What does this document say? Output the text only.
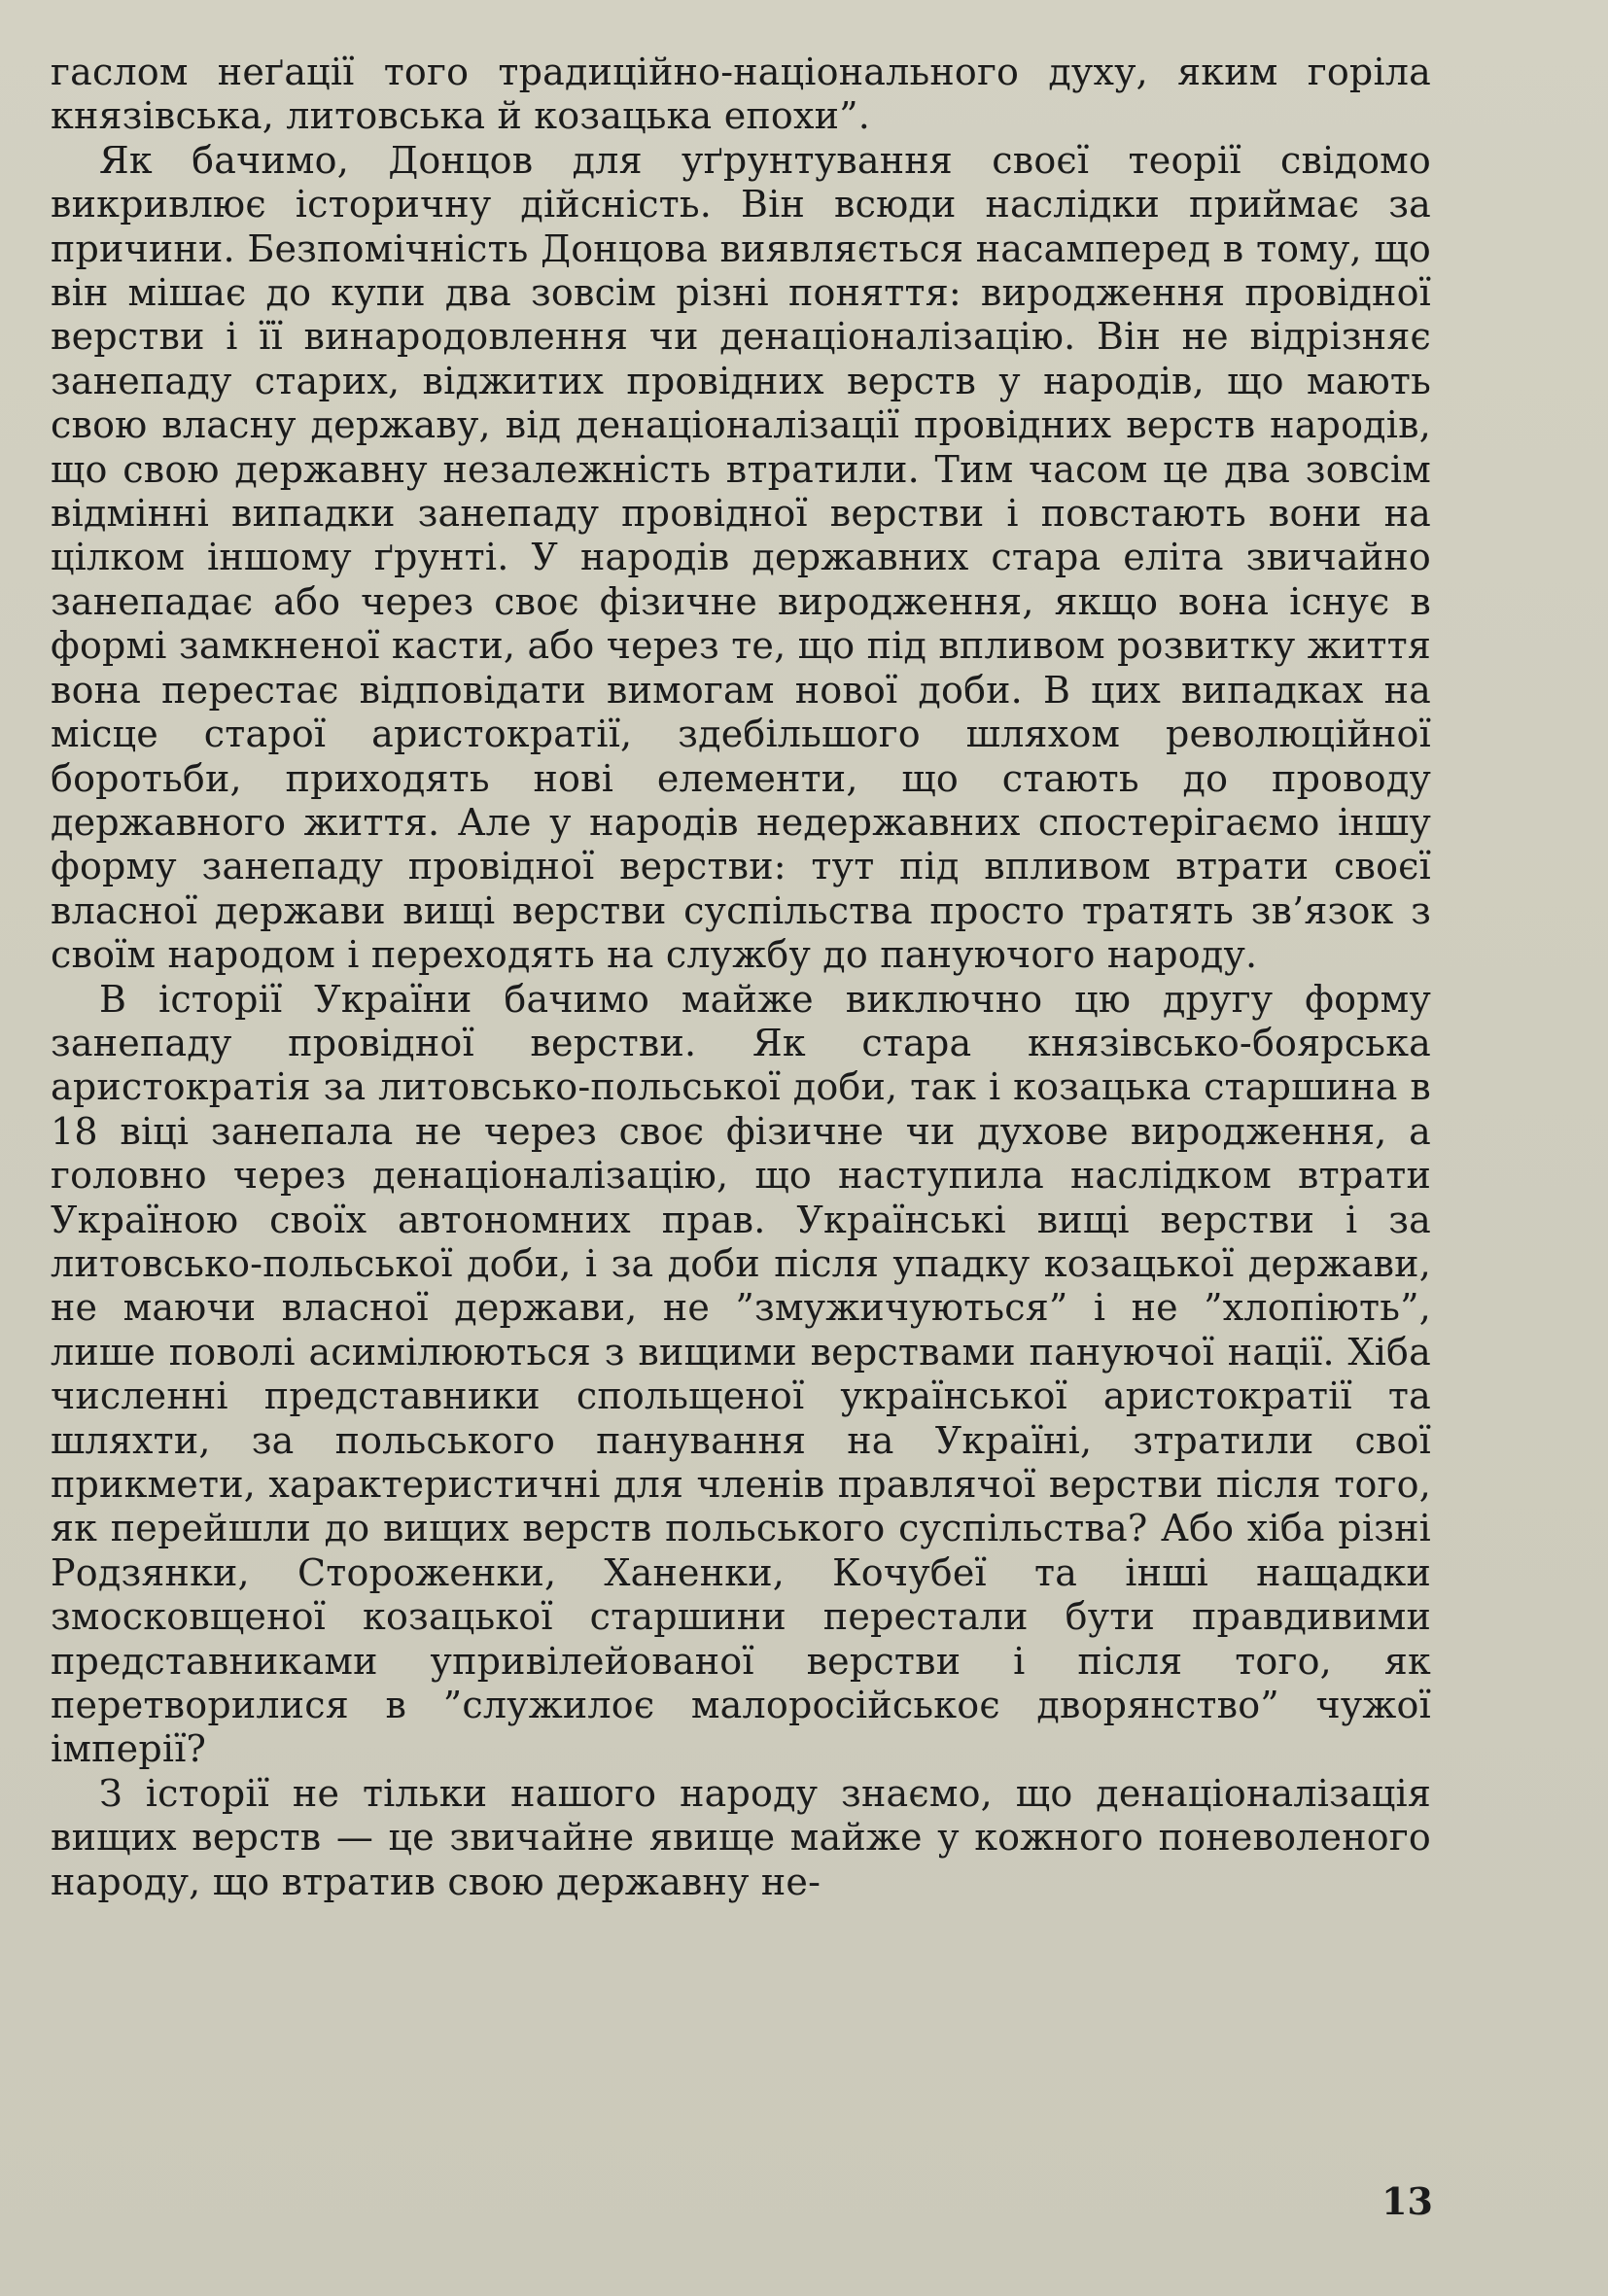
гаслом неґації того традиційно-національного духу, яким горіла князівська, литовська й козацька епохи”.

Як бачимо, Донцов для уґрунтування своєї теорії свідомо викривлює історичну дійсність. Він всюди наслідки приймає за причини. Безпомічність Донцова виявляється насамперед в тому, що він мішає до купи два зовсім різні поняття: виродження провідної верстви і її винародовлення чи денаціоналізацію. Він не відрізняє занепаду старих, віджитих провідних верств у народів, що мають свою власну державу, від денаціоналізації провідних верств народів, що свою державну незалежність втратили. Тим часом це два зовсім відмінні випадки занепаду провідної верстви і повстають вони на цілком іншому ґрунті. У народів державних стара еліта звичайно занепадає або через своє фізичне виродження, якщо вона існує в формі замкненої касти, або через те, що під впливом розвитку життя вона перестає відповідати вимогам нової доби. В цих випадках на місце старої аристократії, здебільшого шляхом революційної боротьби, приходять нові елементи, що стають до проводу державного життя. Але у народів недержавних спостерігаємо іншу форму занепаду провідної верстви: тут під впливом втрати своєї власної держави вищі верстви суспільства просто тратять зв’язок з своїм народом і переходять на службу до пануючого народу.

В історії України бачимо майже виключно цю другу форму занепаду провідної верстви. Як стара князівсько-боярська аристократія за литовсько-польської доби, так і козацька старшина в 18 віці занепала не через своє фізичне чи духове виродження, а головно через денаціоналізацію, що наступила наслідком втрати Україною своїх автономних прав. Українські вищі верстви і за литовсько-польської доби, і за доби після упадку козацької держави, не маючи власної держави, не ”змужичуються” і не ”хлопіють”, лише поволі асимілюються з вищими верствами пануючої нації. Хіба численні представники спольщеної української аристократії та шляхти, за польського панування на Україні, зтратили свої прикмети, характеристичні для членів правлячої верстви після того, як перейшли до вищих верств польського суспільства? Або хіба різні Родзянки, Стороженки, Ханенки, Кочубеї та інші нащадки змосковщеної козацької старшини перестали бути правдивими представниками упривілейованої верстви і після того, як перетворилися в ”служилоє малоросійськоє дворянство” чужої імперії?

З історії не тільки нашого народу знаємо, що денаціоналізація вищих верств — це звичайне явище майже у кожного поневоленого народу, що втратив свою державну не-

13
